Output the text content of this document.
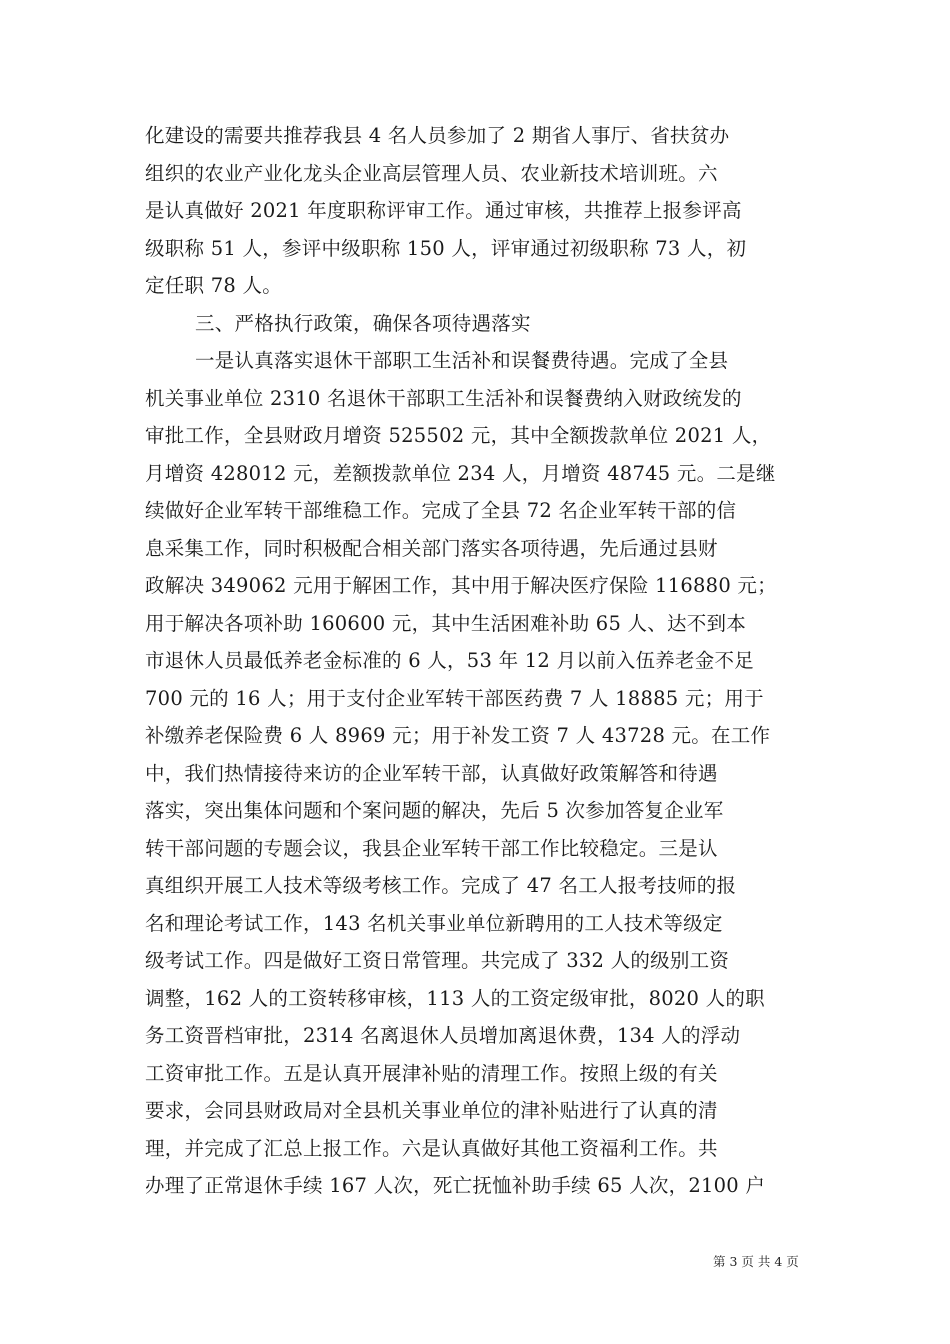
化建设的需要共推荐我县 4 名人员参加了 2 期省人事厅、省扶贫办
组织的农业产业化龙头企业高层管理人员、农业新技术培训班。六
是认真做好 2021 年度职称评审工作。通过审核，共推荐上报参评高
级职称 51 人，参评中级职称 150 人，评审通过初级职称 73 人，初
定任职 78 人。
三、严格执行政策，确保各项待遇落实
一是认真落实退休干部职工生活补和误餐费待遇。完成了全县
机关事业单位 2310 名退休干部职工生活补和误餐费纳入财政统发的
审批工作，全县财政月增资 525502 元，其中全额拨款单位 2021 人，
月增资 428012 元，差额拨款单位 234 人，月增资 48745 元。二是继
续做好企业军转干部维稳工作。完成了全县 72 名企业军转干部的信
息采集工作，同时积极配合相关部门落实各项待遇，先后通过县财
政解决 349062 元用于解困工作，其中用于解决医疗保险 116880 元；
用于解决各项补助 160600 元，其中生活困难补助 65 人、达不到本
市退休人员最低养老金标准的 6 人，53 年 12 月以前入伍养老金不足
700 元的 16 人；用于支付企业军转干部医药费 7 人 18885 元；用于
补缴养老保险费 6 人 8969 元；用于补发工资 7 人 43728 元。在工作
中，我们热情接待来访的企业军转干部，认真做好政策解答和待遇
落实，突出集体问题和个案问题的解决，先后 5 次参加答复企业军
转干部问题的专题会议，我县企业军转干部工作比较稳定。三是认
真组织开展工人技术等级考核工作。完成了 47 名工人报考技师的报
名和理论考试工作，143 名机关事业单位新聘用的工人技术等级定
级考试工作。四是做好工资日常管理。共完成了 332 人的级别工资
调整，162 人的工资转移审核，113 人的工资定级审批，8020 人的职
务工资晋档审批，2314 名离退休人员增加离退休费，134 人的浮动
工资审批工作。五是认真开展津补贴的清理工作。按照上级的有关
要求，会同县财政局对全县机关事业单位的津补贴进行了认真的清
理，并完成了汇总上报工作。六是认真做好其他工资福利工作。共
办理了正常退休手续 167 人次，死亡抚恤补助手续 65 人次，2100 户
第 3 页 共 4 页
